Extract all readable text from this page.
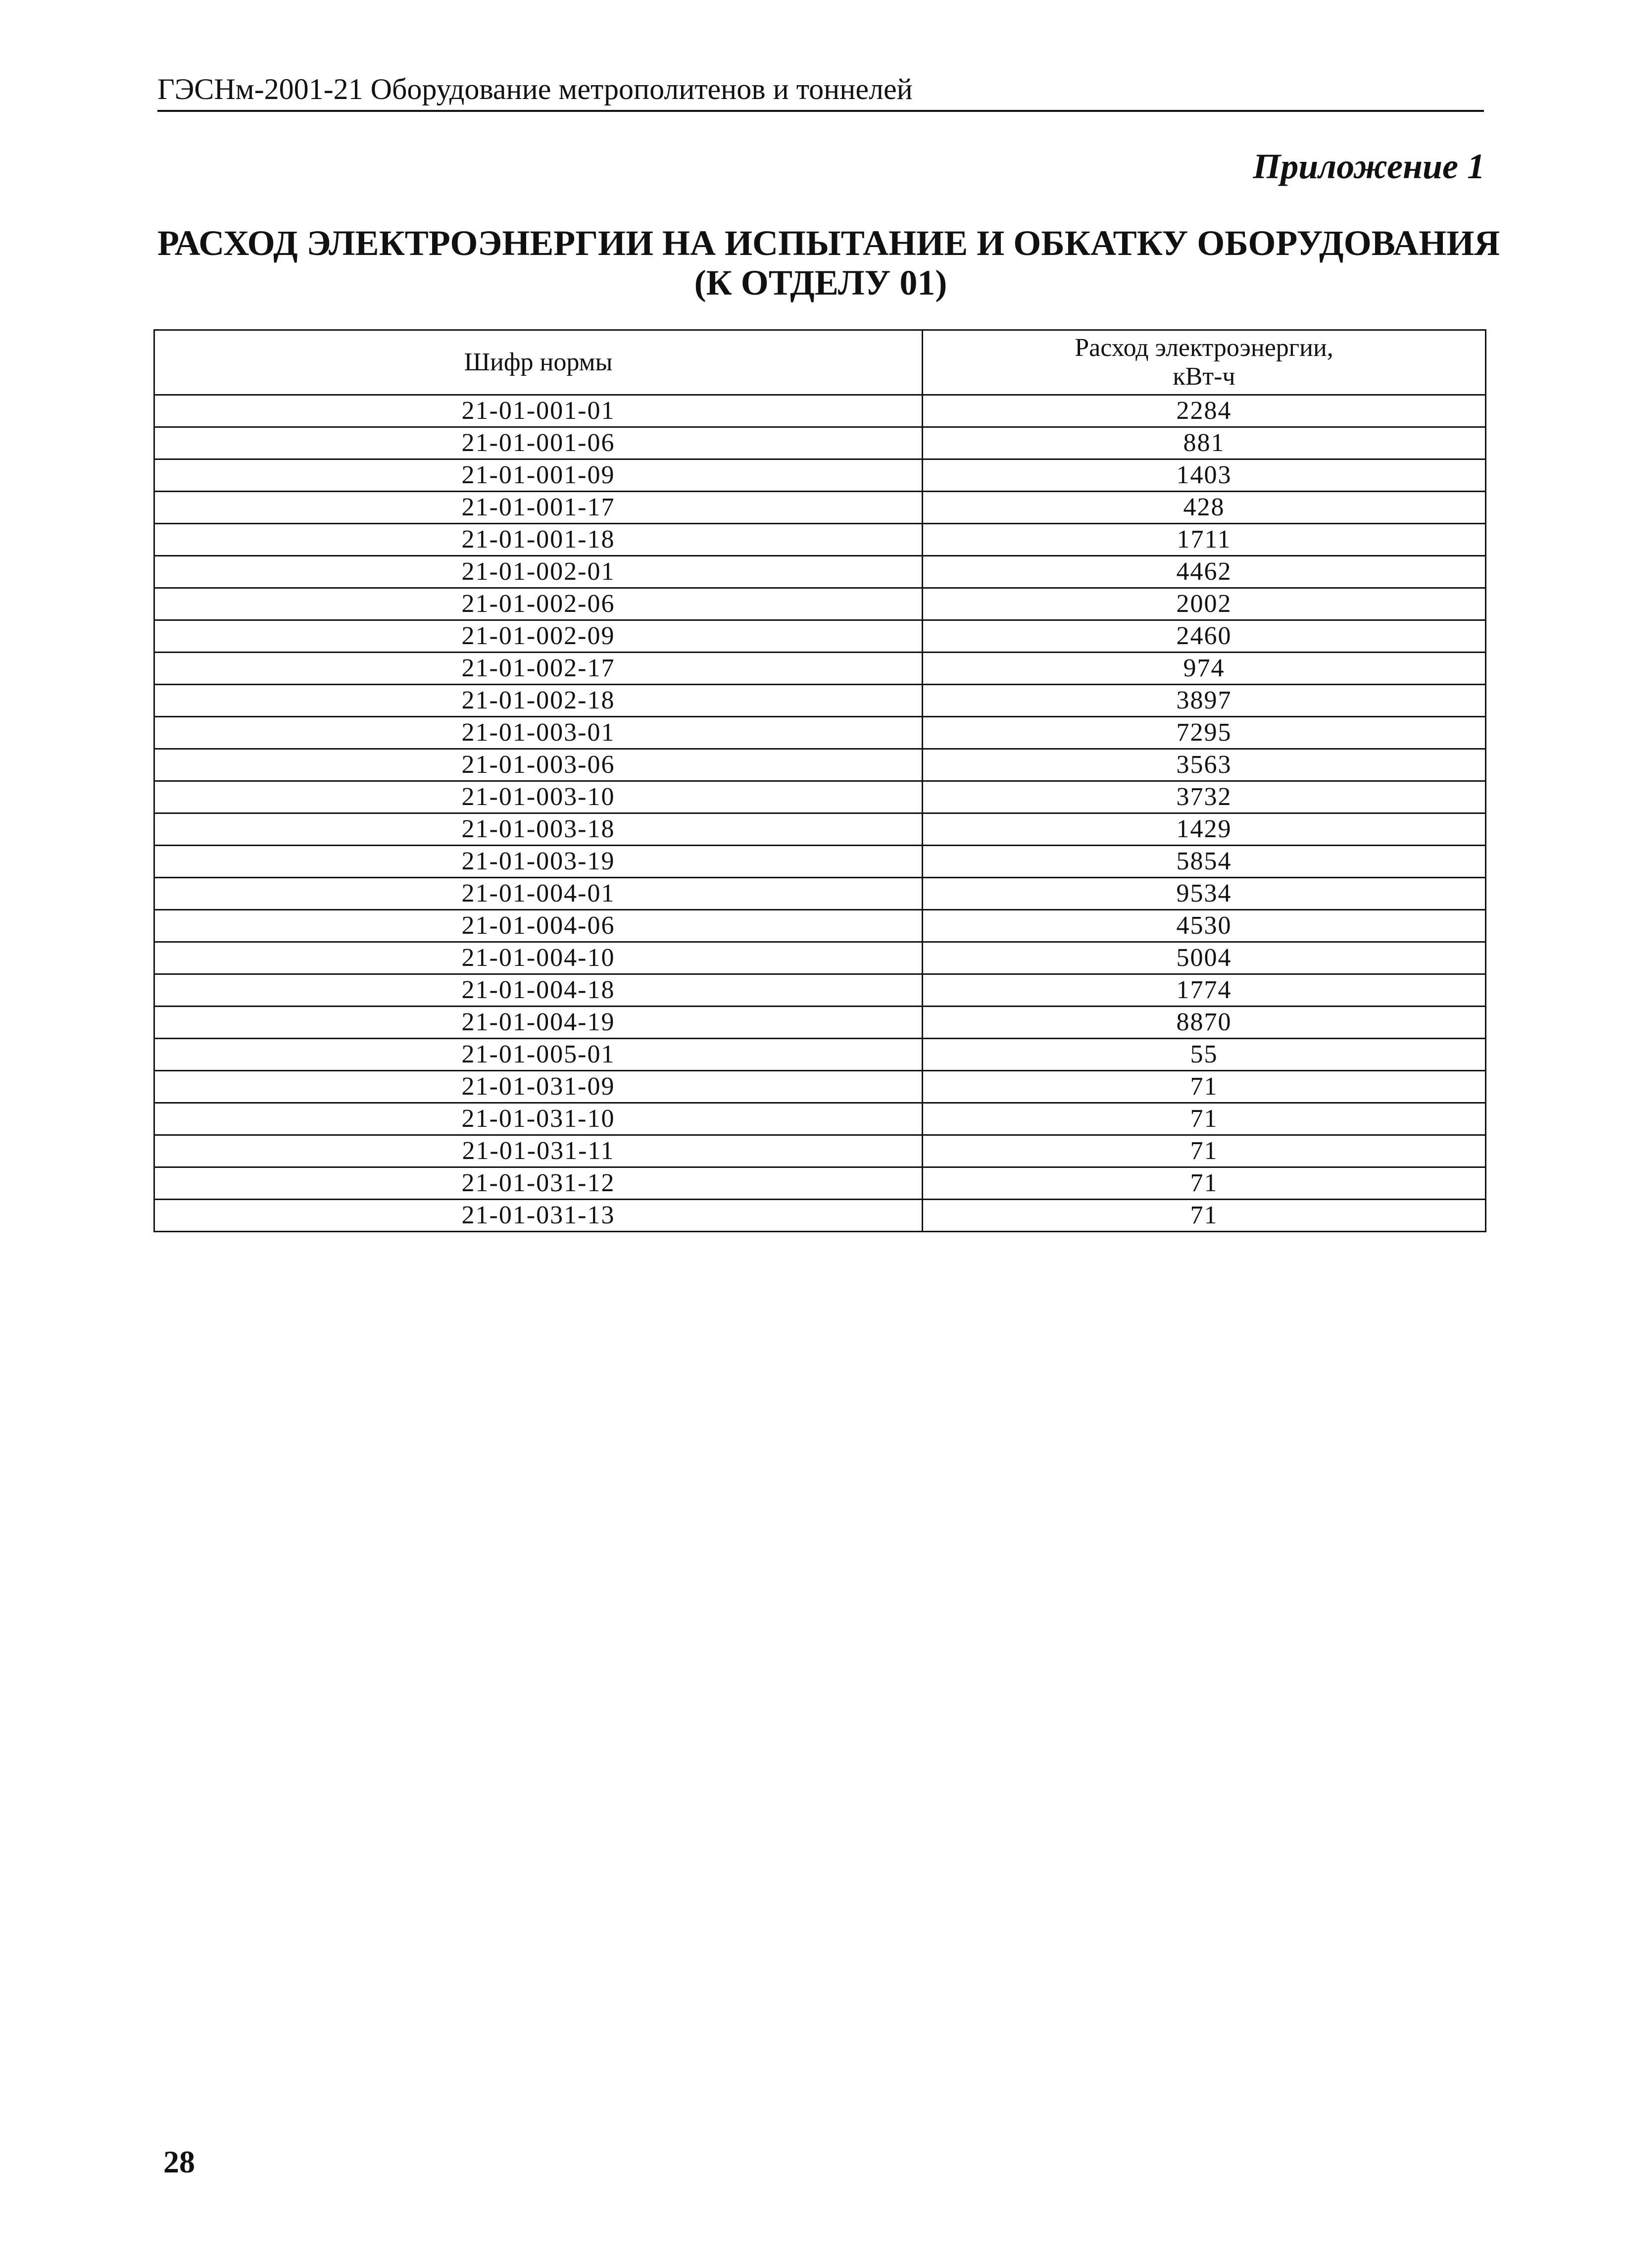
ГЭСНм-2001-21 Оборудование метрополитенов и тоннелей
Приложение 1
РАСХОД ЭЛЕКТРОЭНЕРГИИ НА ИСПЫТАНИЕ И ОБКАТКУ ОБОРУДОВАНИЯ
(К ОТДЕЛУ 01)
Шифр нормы	Расход электроэнергии,
кВт-ч
21-01-001-01	2284
21-01-001-06	881
21-01-001-09	1403
21-01-001-17	428
21-01-001-18	1711
21-01-002-01	4462
21-01-002-06	2002
21-01-002-09	2460
21-01-002-17	974
21-01-002-18	3897
21-01-003-01	7295
21-01-003-06	3563
21-01-003-10	3732
21-01-003-18	1429
21-01-003-19	5854
21-01-004-01	9534
21-01-004-06	4530
21-01-004-10	5004
21-01-004-18	1774
21-01-004-19	8870
21-01-005-01	55
21-01-031-09	71
21-01-031-10	71
21-01-031-11	71
21-01-031-12	71
21-01-031-13	71
28
